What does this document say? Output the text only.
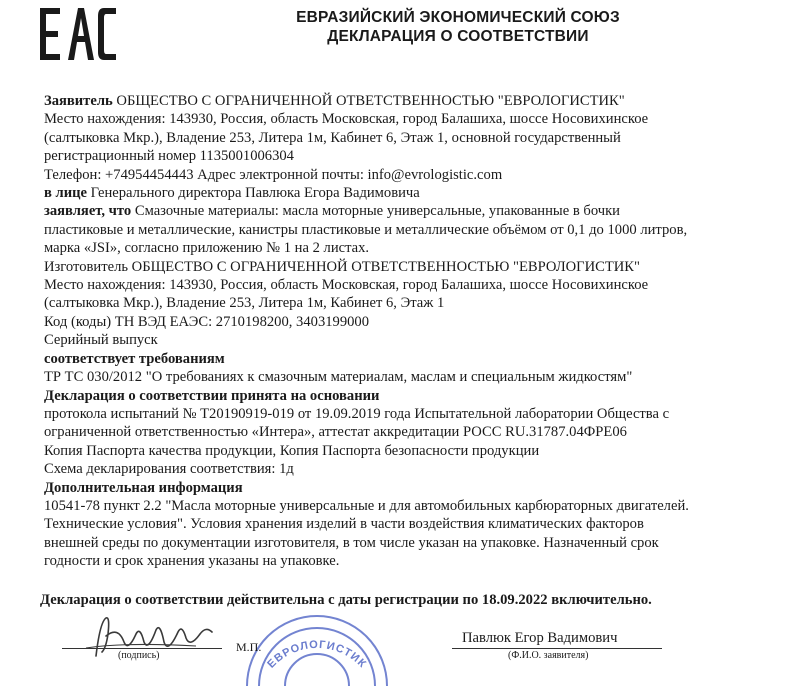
ЕВРАЗИЙСКИЙ ЭКОНОМИЧЕСКИЙ СОЮЗ
ДЕКЛАРАЦИЯ О СООТВЕТСТВИИ
Заявитель ОБЩЕСТВО С ОГРАНИЧЕННОЙ ОТВЕТСТВЕННОСТЬЮ "ЕВРОЛОГИСТИК"
Место нахождения: 143930, Россия, область Московская, город Балашиха, шоссе Носовихинское
(салтыковка Мкр.), Владение 253, Литера 1м, Кабинет 6, Этаж 1, основной государственный
регистрационный номер 1135001006304
Телефон: +74954454443 Адрес электронной почты: info@evrologistic.com
в лице Генерального директора Павлюка Егора Вадимовича
заявляет, что Смазочные материалы: масла моторные универсальные, упакованные в бочки
пластиковые и металлические, канистры пластиковые и металлические объёмом от 0,1 до 1000 литров,
марка «JSI», согласно приложению № 1 на 2 листах.
Изготовитель ОБЩЕСТВО С ОГРАНИЧЕННОЙ ОТВЕТСТВЕННОСТЬЮ "ЕВРОЛОГИСТИК"
Место нахождения: 143930, Россия, область Московская, город Балашиха, шоссе Носовихинское
(салтыковка Мкр.), Владение 253, Литера 1м, Кабинет 6, Этаж 1
Код (коды) ТН ВЭД ЕАЭС: 2710198200, 3403199000
Серийный выпуск
соответствует требованиям
ТР ТС 030/2012 "О требованиях к смазочным материалам, маслам и специальным жидкостям"
Декларация о соответствии принята на основании
протокола испытаний № T20190919-019 от 19.09.2019 года Испытательной лаборатории Общества с
ограниченной ответственностью «Интера», аттестат аккредитации РОСС RU.31787.04ФРЕ06
Копия Паспорта качества продукции, Копия Паспорта безопасности продукции
Схема декларирования соответствия: 1д
Дополнительная информация
10541-78 пункт 2.2 "Масла моторные универсальные и для автомобильных карбюраторных двигателей.
Технические условия". Условия хранения изделий в части воздействия климатических факторов
внешней среды по документации изготовителя, в том числе указан на упаковке. Назначенный срок
годности и срок хранения указаны на упаковке.
Декларация о соответствии действительна с даты регистрации по 18.09.2022 включительно.
(подпись)
ЕВРОЛОГИСТИК
М.П.
Павлюк Егор Вадимович
(Ф.И.О. заявителя)
